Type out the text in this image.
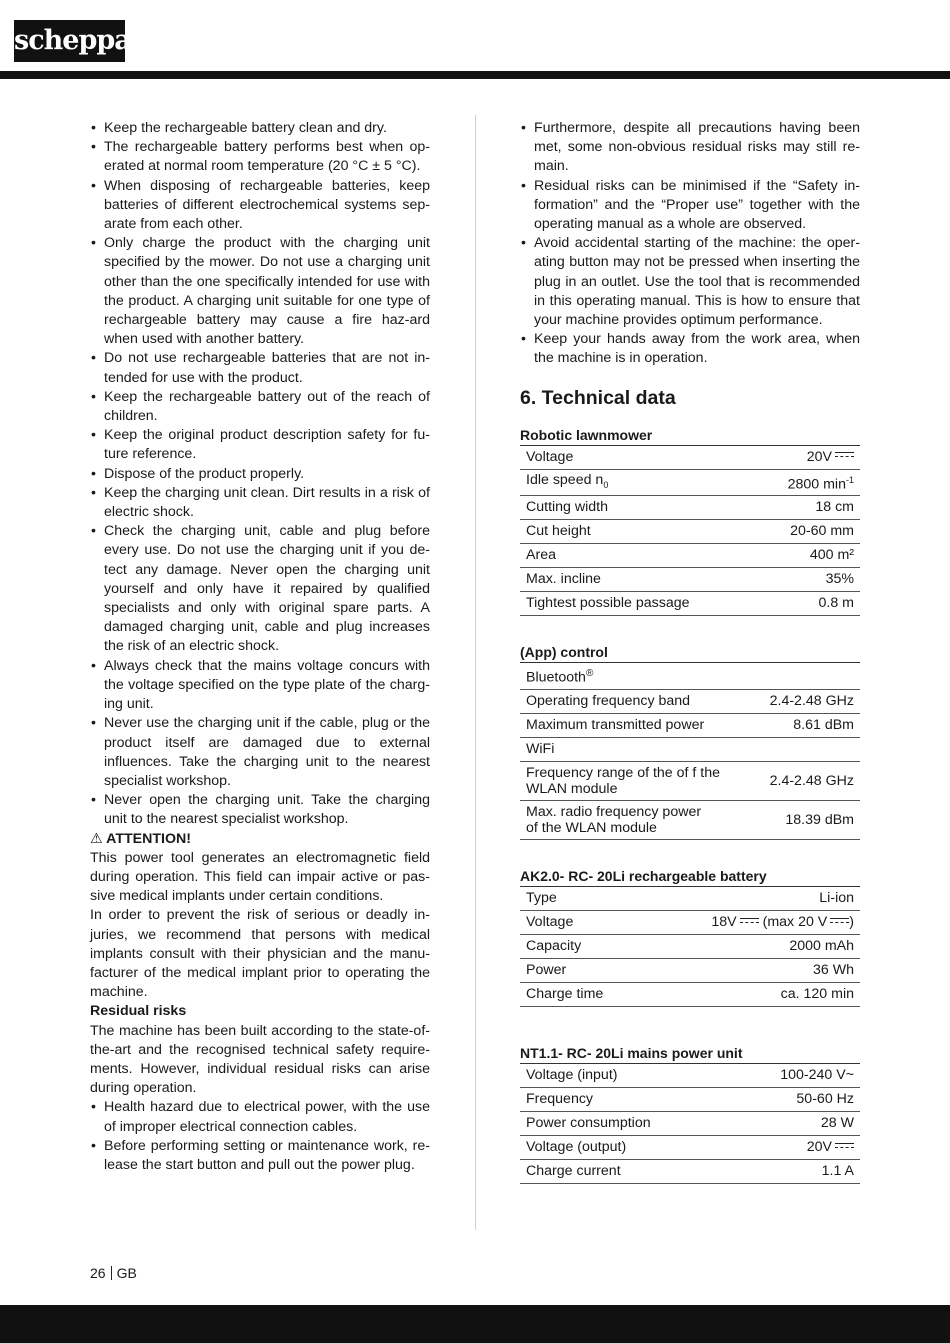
scheppach
• Keep the rechargeable battery clean and dry.
• The rechargeable battery performs best when op-erated at normal room temperature (20 °C ± 5 °C).
• When disposing of rechargeable batteries, keep batteries of different electrochemical systems sep-arate from each other.
• Only charge the product with the charging unit specified by the mower. Do not use a charging unit other than the one specifically intended for use with the product. A charging unit suitable for one type of rechargeable battery may cause a fire haz-ard when used with another battery.
• Do not use rechargeable batteries that are not in-tended for use with the product.
• Keep the rechargeable battery out of the reach of children.
• Keep the original product description safety for fu-ture reference.
• Dispose of the product properly.
• Keep the charging unit clean. Dirt results in a risk of electric shock.
• Check the charging unit, cable and plug before every use. Do not use the charging unit if you de-tect any damage. Never open the charging unit yourself and only have it repaired by qualified specialists and only with original spare parts. A damaged charging unit, cable and plug increases the risk of an electric shock.
• Always check that the mains voltage concurs with the voltage specified on the type plate of the charg-ing unit.
• Never use the charging unit if the cable, plug or the product itself are damaged due to external influences. Take the charging unit to the nearest specialist workshop.
• Never open the charging unit. Take the charging unit to the nearest specialist workshop.

⚠ ATTENTION!

This power tool generates an electromagnetic field during operation. This field can impair active or pas-sive medical implants under certain conditions.

In order to prevent the risk of serious or deadly in-juries, we recommend that persons with medical implants consult with their physician and the manu-facturer of the medical implant prior to operating the machine.

Residual risks

The machine has been built according to the state-of-the-art and the recognised technical safety require-ments. However, individual residual risks can arise during operation.

• Health hazard due to electrical power, with the use of improper electrical connection cables.
• Before performing setting or maintenance work, re-lease the start button and pull out the power plug.
• Furthermore, despite all precautions having been met, some non-obvious residual risks may still re-main.
• Residual risks can be minimised if the “Safety in-formation” and the “Proper use” together with the operating manual as a whole are observed.
• Avoid accidental starting of the machine: the oper-ating button may not be pressed when inserting the plug in an outlet. Use the tool that is recommended in this operating manual. This is how to ensure that your machine provides optimum performance.
• Keep your hands away from the work area, when the machine is in operation.
6. Technical data
Robotic lawnmower
Voltage	20V
Idle speed $n_0$	2800 $\min^{-1}$
Cutting width	18 cm
Cut height	20-60 mm
Area	400 m²
Max. incline	35%
Tightest possible passage	0.8 m
(App) control
Bluetooth®	
Operating frequency band	2.4-2.48 GHz
Maximum transmitted power	8.61 dBm
WiFi	
Frequency range of the of f the
WLAN module	2.4-2.48 GHz
Max. radio frequency power
of the WLAN module	18.39 dBm
AK2.0- RC- 20Li rechargeable battery
Type	Li-ion
Voltage	18V (max 20 V )
Capacity	2000 mAh
Power	36 Wh
Charge time	ca. 120 min
NT1.1- RC- 20Li mains power unit
Voltage (input)	100-240 V~
Frequency	50-60 Hz
Power consumption	28 W
Voltage (output)	20V
Charge current	1.1 A
26 GB
